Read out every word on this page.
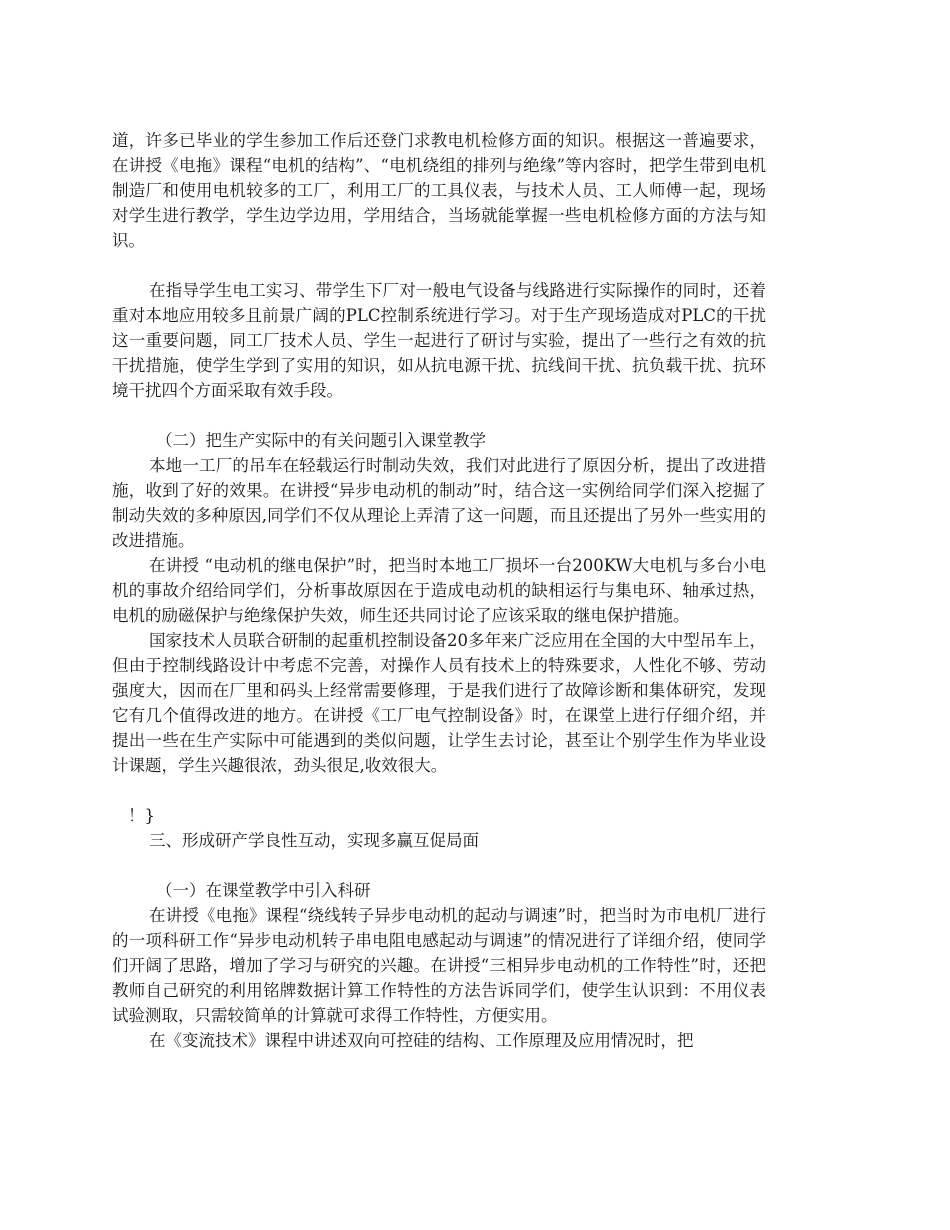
道，许多已毕业的学生参加工作后还登门求教电机检修方面的知识。根据这一普遍要求，在讲授《电拖》课程“电机的结构”、“电机绕组的排列与绝缘”等内容时，把学生带到电机制造厂和使用电机较多的工厂，利用工厂的工具仪表，与技术人员、工人师傅一起，现场对学生进行教学，学生边学边用，学用结合，当场就能掌握一些电机检修方面的方法与知识。

在指导学生电工实习、带学生下厂对一般电气设备与线路进行实际操作的同时，还着重对本地应用较多且前景广阔的PLC控制系统进行学习。对于生产现场造成对PLC的干扰这一重要问题，同工厂技术人员、学生一起进行了研讨与实验，提出了一些行之有效的抗干扰措施，使学生学到了实用的知识，如从抗电源干扰、抗线间干扰、抗负载干扰、抗环境干扰四个方面采取有效手段。

（二）把生产实际中的有关问题引入课堂教学

本地一工厂的吊车在轻载运行时制动失效，我们对此进行了原因分析，提出了改进措施，收到了好的效果。在讲授“异步电动机的制动”时，结合这一实例给同学们深入挖掘了制动失效的多种原因,同学们不仅从理论上弄清了这一问题，而且还提出了另外一些实用的改进措施。

在讲授 “电动机的继电保护”时，把当时本地工厂损坏一台200KW大电机与多台小电机的事故介绍给同学们，分析事故原因在于造成电动机的缺相运行与集电环、轴承过热，电机的励磁保护与绝缘保护失效，师生还共同讨论了应该采取的继电保护措施。

国家技术人员联合研制的起重机控制设备20多年来广泛应用在全国的大中型吊车上，但由于控制线路设计中考虑不完善，对操作人员有技术上的特殊要求，人性化不够、劳动强度大，因而在厂里和码头上经常需要修理，于是我们进行了故障诊断和集体研究，发现它有几个值得改进的地方。在讲授《工厂电气控制设备》时，在课堂上进行仔细介绍，并提出一些在生产实际中可能遇到的类似问题，让学生去讨论，甚至让个别学生作为毕业设计课题，学生兴趣很浓，劲头很足,收效很大。

！}

三、形成研产学良性互动，实现多赢互促局面

（一）在课堂教学中引入科研

在讲授《电拖》课程“绕线转子异步电动机的起动与调速”时，把当时为市电机厂进行的一项科研工作“异步电动机转子串电阻电感起动与调速”的情况进行了详细介绍，使同学们开阔了思路，增加了学习与研究的兴趣。在讲授“三相异步电动机的工作特性”时，还把教师自己研究的利用铭牌数据计算工作特性的方法告诉同学们，使学生认识到：不用仪表试验测取，只需较简单的计算就可求得工作特性，方便实用。

在《变流技术》课程中讲述双向可控硅的结构、工作原理及应用情况时，把
